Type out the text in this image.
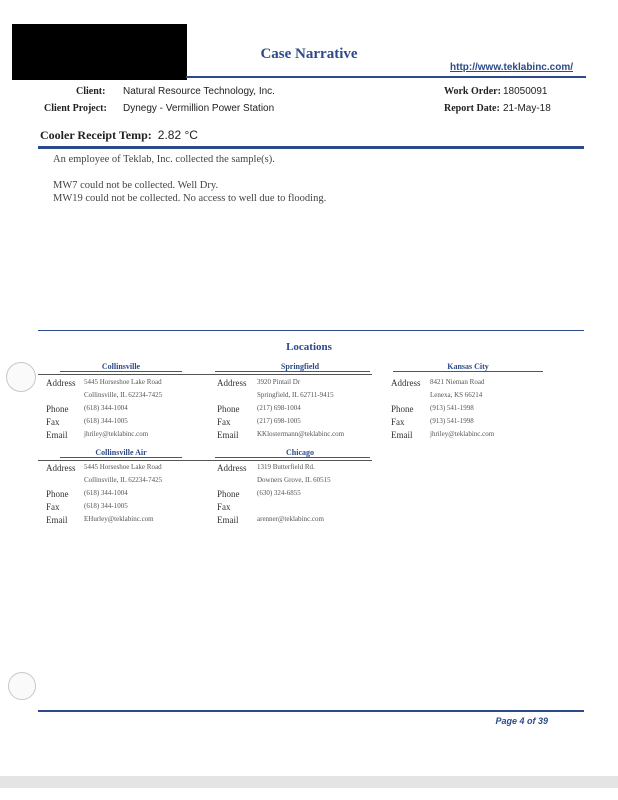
Case Narrative
http://www.teklabinc.com/
Client: Natural Resource Technology, Inc.
Client Project: Dynegy - Vermillion Power Station
Work Order: 18050091
Report Date: 21-May-18
Cooler Receipt Temp: 2.82 °C
An employee of Teklab, Inc. collected the sample(s).
MW7 could not be collected. Well Dry.
MW19 could not be collected. No access to well due to flooding.
Locations
Collinsville
Address 5445 Horseshoe Lake Road
Collinsville, IL 62234-7425
Phone (618) 344-1004
Fax	(618) 344-1005
Email jhriley@teklabinc.com
Springfield
Address 3920 Pintail Dr
Springfield, IL 62711-9415
Phone	(217) 698-1004
Fax	(217) 698-1005
Email	KKlostermann@teklabinc.com
Kansas City
Address 8421 Nieman Road
Lenexa, KS 66214
Phone (913) 541-1998
Fax	(913) 541-1998
Email	jhriley@teklabinc.com
Collinsville Air
Address 5445 Horseshoe Lake Road
Collinsville, IL 62234-7425
Phone (618) 344-1004
Fax	(618) 344-1005
Email EHurley@teklabinc.com
Chicago
Address 1319 Butterfield Rd.
Downers Grove, IL 60515
Phone	(630) 324-6855
Fax
Email	arenner@teklabinc.com
Page 4 of 39
